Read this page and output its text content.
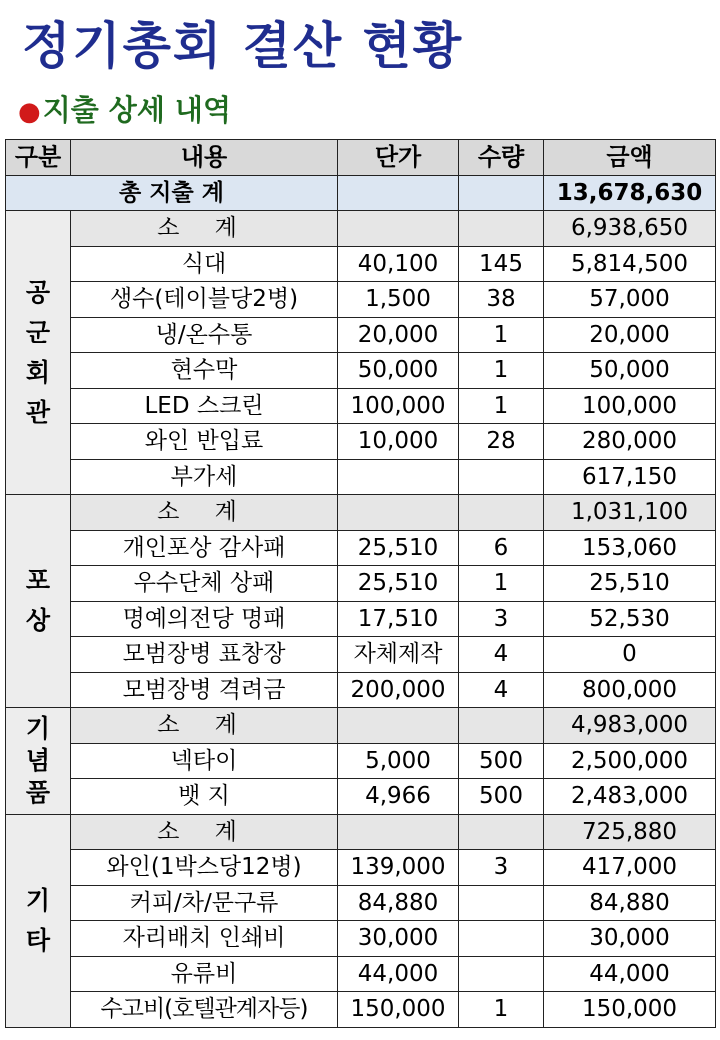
정기총회 결산 현황
●지출 상세 내역
구분	내용	단가	수량	금액
총 지출 계				13,678,630
공군회관	소 계			6,938,650
	식대	40,100	145	5,814,500
	생수(테이블당2병)	1,500	38	57,000
	냉/온수통	20,000	1	20,000
	현수막	50,000	1	50,000
	LED 스크린	100,000	1	100,000
	와인 반입료	10,000	28	280,000
	부가세			617,150
포상	소 계			1,031,100
	개인포상 감사패	25,510	6	153,060
	우수단체 상패	25,510	1	25,510
	명예의전당 명패	17,510	3	52,530
	모범장병 표창장	자체제작	4	0
	모범장병 격려금	200,000	4	800,000
기념품	소 계			4,983,000
	넥타이	5,000	500	2,500,000
	뱃 지	4,966	500	2,483,000
기타	소 계			725,880
	와인(1박스당12병)	139,000	3	417,000
	커피/차/문구류	84,880		84,880
	자리배치 인쇄비	30,000		30,000
	유류비	44,000		44,000
	수고비(호텔관계자등)	150,000	1	150,000
